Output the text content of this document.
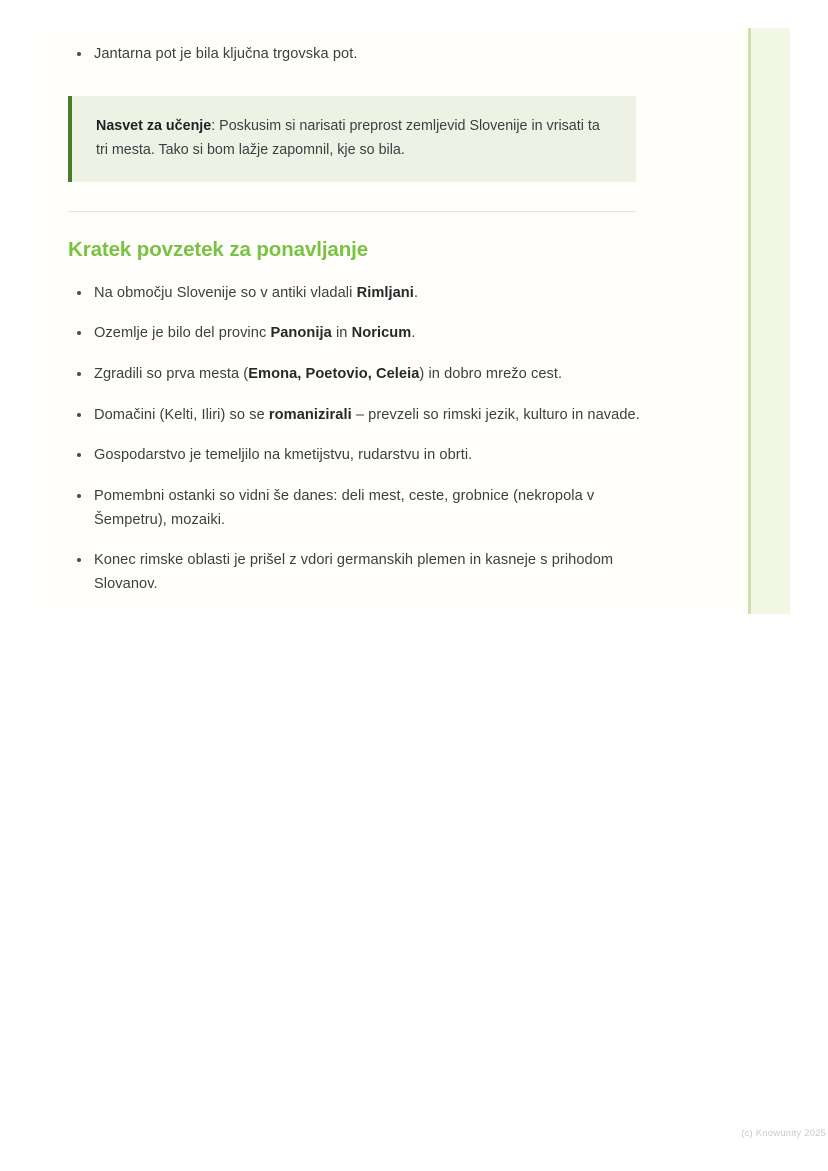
Jantarna pot je bila ključna trgovska pot.

Nasvet za učenje: Poskusim si narisati preprost zemljevid Slovenije in vrisati ta tri mesta. Tako si bom lažje zapomnil, kje so bila.

Kratek povzetek za ponavljanje
Na območju Slovenije so v antiki vladali Rimljani.
Ozemlje je bilo del provinc Panonija in Noricum.
Zgradili so prva mesta (Emona, Poetovio, Celeia) in dobro mrežo cest.
Domačini (Kelti, Iliri) so se romanizirali – prevzeli so rimski jezik, kulturo in navade.
Gospodarstvo je temeljilo na kmetijstvu, rudarstvu in obrti.
Pomembni ostanki so vidni še danes: deli mest, ceste, grobnice (nekropola v Šempetru), mozaiki.
Konec rimske oblasti je prišel z vdori germanskih plemen in kasneje s prihodom Slovanov.
(c) Knowunity 2025
